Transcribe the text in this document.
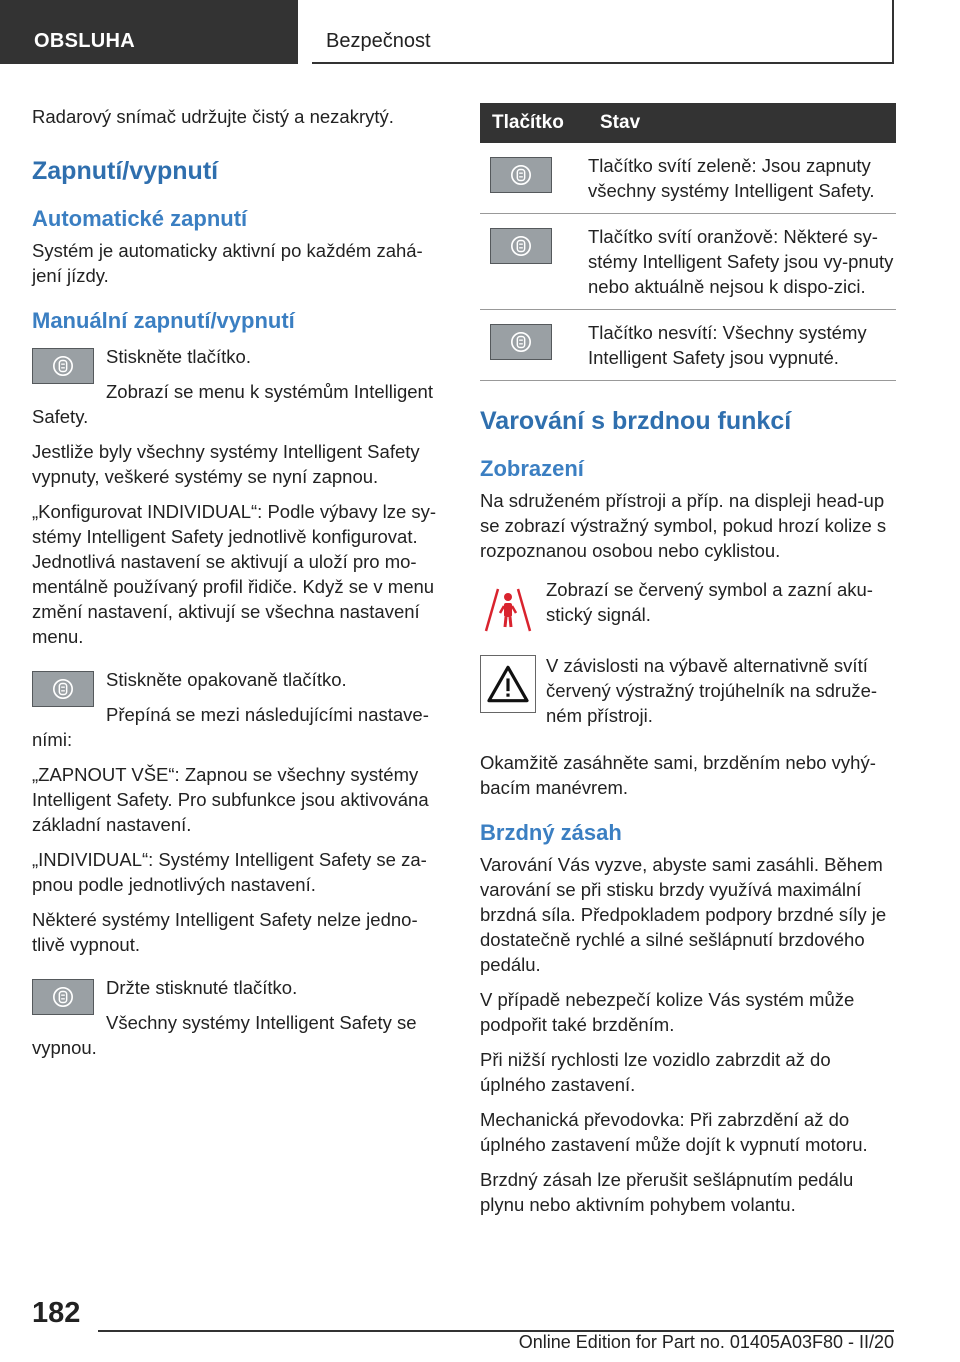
OBSLUHA	Bezpečnost

Radarový snímač udržujte čistý a nezakrytý.

Zapnutí/vypnutí
Automatické zapnutí

Systém je automaticky aktivní po každém zahá-jení jízdy.

Manuální zapnutí/vypnutí

Stiskněte tlačítko.

Zobrazí se menu k systémům Intelligent Safety.

Jestliže byly všechny systémy Intelligent Safety vypnuty, veškeré systémy se nyní zapnou.

„Konfigurovat INDIVIDUAL“: Podle výbavy lze sy-stémy Intelligent Safety jednotlivě konfigurovat. Jednotlivá nastavení se aktivují a uloží pro mo-mentálně používaný profil řidiče. Když se v menu změní nastavení, aktivují se všechna nastavení menu.

Stiskněte opakovaně tlačítko.

Přepíná se mezi následujícími nastave-ními:

„ZAPNOUT VŠE“: Zapnou se všechny systémy Intelligent Safety. Pro subfunkce jsou aktivována základní nastavení.

„INDIVIDUAL“: Systémy Intelligent Safety se za-pnou podle jednotlivých nastavení.

Některé systémy Intelligent Safety nelze jedno-tlivě vypnout.

Držte stisknuté tlačítko.

Všechny systémy Intelligent Safety se vypnou.

Tlačítko	Stav

	Tlačítko svítí zeleně: Jsou zapnuty všechny systémy Intelligent Safety.

	Tlačítko svítí oranžově: Některé sy-stémy Intelligent Safety jsou vy-pnuty nebo aktuálně nejsou k dispo-zici.

	Tlačítko nesvítí: Všechny systémy Intelligent Safety jsou vypnuté.
Varování s brzdnou funkcí
Zobrazení

Na sdruženém přístroji a příp. na displeji head-up se zobrazí výstražný symbol, pokud hrozí kolize s rozpoznanou osobou nebo cyklistou.

Zobrazí se červený symbol a zazní aku-stický signál.

V závislosti na výbavě alternativně svítí červený výstražný trojúhelník na sdruže-ném přístroji.

Okamžitě zasáhněte sami, brzděním nebo vyhý-bacím manévrem.

Brzdný zásah

Varování Vás vyzve, abyste sami zasáhli. Během varování se při stisku brzdy využívá maximální brzdná síla. Předpokladem podpory brzdné síly je dostatečně rychlé a silné sešlápnutí brzdového pedálu.

V případě nebezpečí kolize Vás systém může podpořit také brzděním.

Při nižší rychlosti lze vozidlo zabrzdit až do úplného zastavení.

Mechanická převodovka: Při zabrzdění až do úplného zastavení může dojít k vypnutí motoru.

Brzdný zásah lze přerušit sešlápnutím pedálu plynu nebo aktivním pohybem volantu.

182
Online Edition for Part no. 01405A03F80 - II/20
